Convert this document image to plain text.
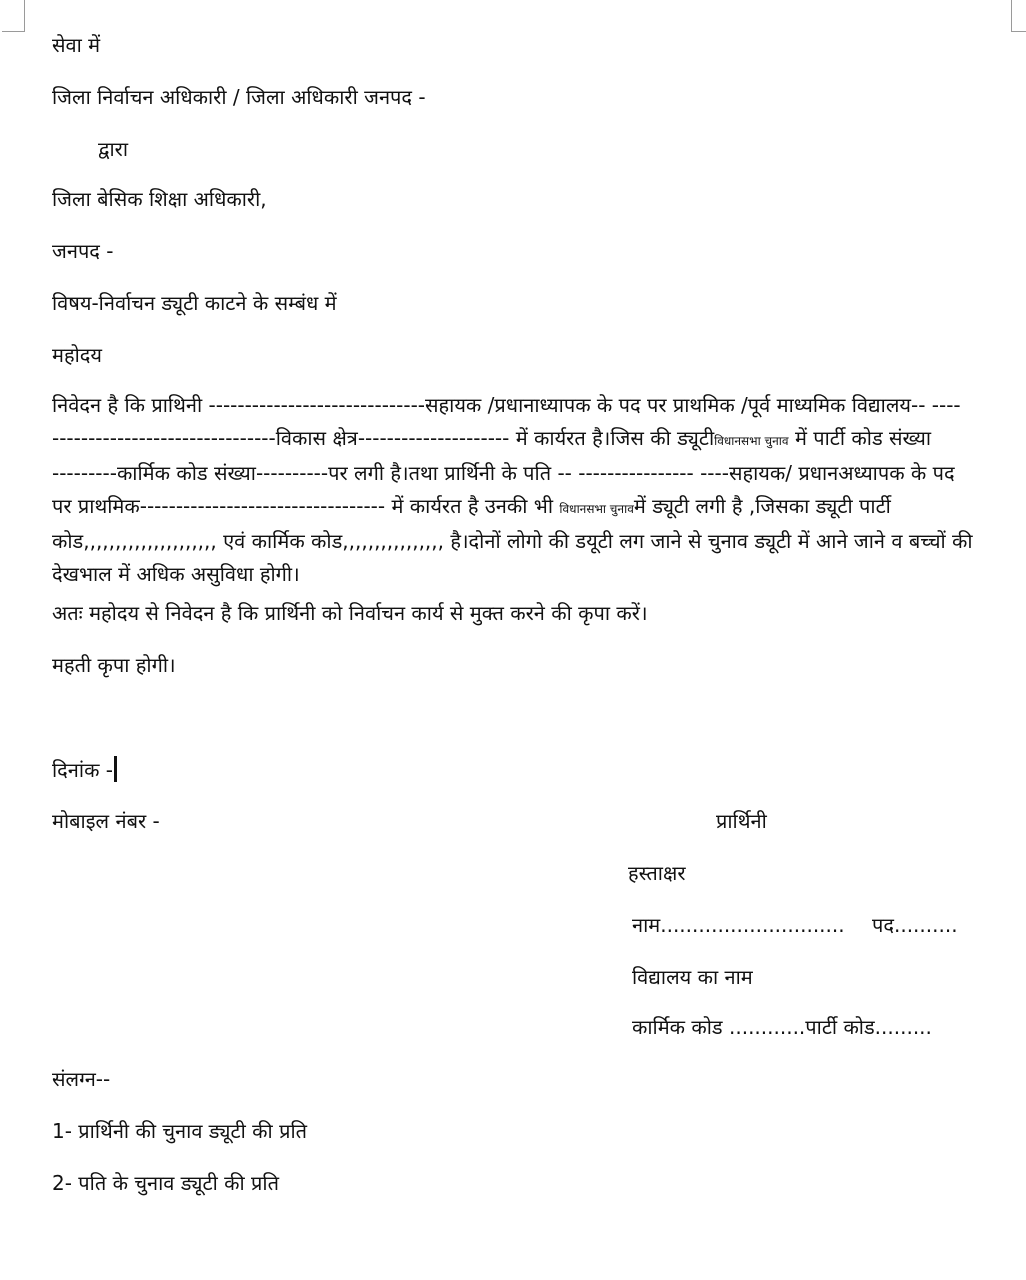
सेवा में
जिला निर्वाचन अधिकारी / जिला अधिकारी जनपद -
द्वारा
जिला बेसिक शिक्षा अधिकारी,
जनपद -
विषय-निर्वाचन ड्यूटी काटने के सम्बंध में
महोदय
निवेदन है कि प्राथिनी ------------------------------सहायक /प्रधानाध्यापक के पद पर प्राथमिक /पूर्व माध्यमिक विद्यालय-- ----
-------------------------------विकास क्षेत्र--------------------- में कार्यरत है।जिस की ड्यूटीविधानसभा चुनाव में पार्टी कोड संख्या
---------कार्मिक कोड संख्या----------पर लगी है।तथा प्रार्थिनी के पति -- ---------------- ----सहायक/ प्रधानअध्यापक के पद
पर प्राथमिक---------------------------------- में कार्यरत है उनकी भी विधानसभा चुनावमें ड्यूटी लगी है ,जिसका ड्यूटी पार्टी
कोड,,,,,,,,,,,,,,,,,,,,, एवं कार्मिक कोड,,,,,,,,,,,,,,,, है।दोनों लोगो की डयूटी लग जाने से चुनाव ड्यूटी में आने जाने व बच्चों की
देखभाल में अधिक असुविधा होगी।
अतः महोदय से निवेदन है कि प्रार्थिनी को निर्वाचन कार्य से मुक्त करने की कृपा करें।
महती कृपा होगी।
दिनांक -
मोबाइल नंबर -	प्रार्थिनी
हस्ताक्षर
नाम............................. पद..........
विद्यालय का नाम
कार्मिक कोड ............पार्टी कोड.........
संलग्न--
1- प्रार्थिनी की चुनाव ड्यूटी की प्रति
2- पति के चुनाव ड्यूटी की प्रति
